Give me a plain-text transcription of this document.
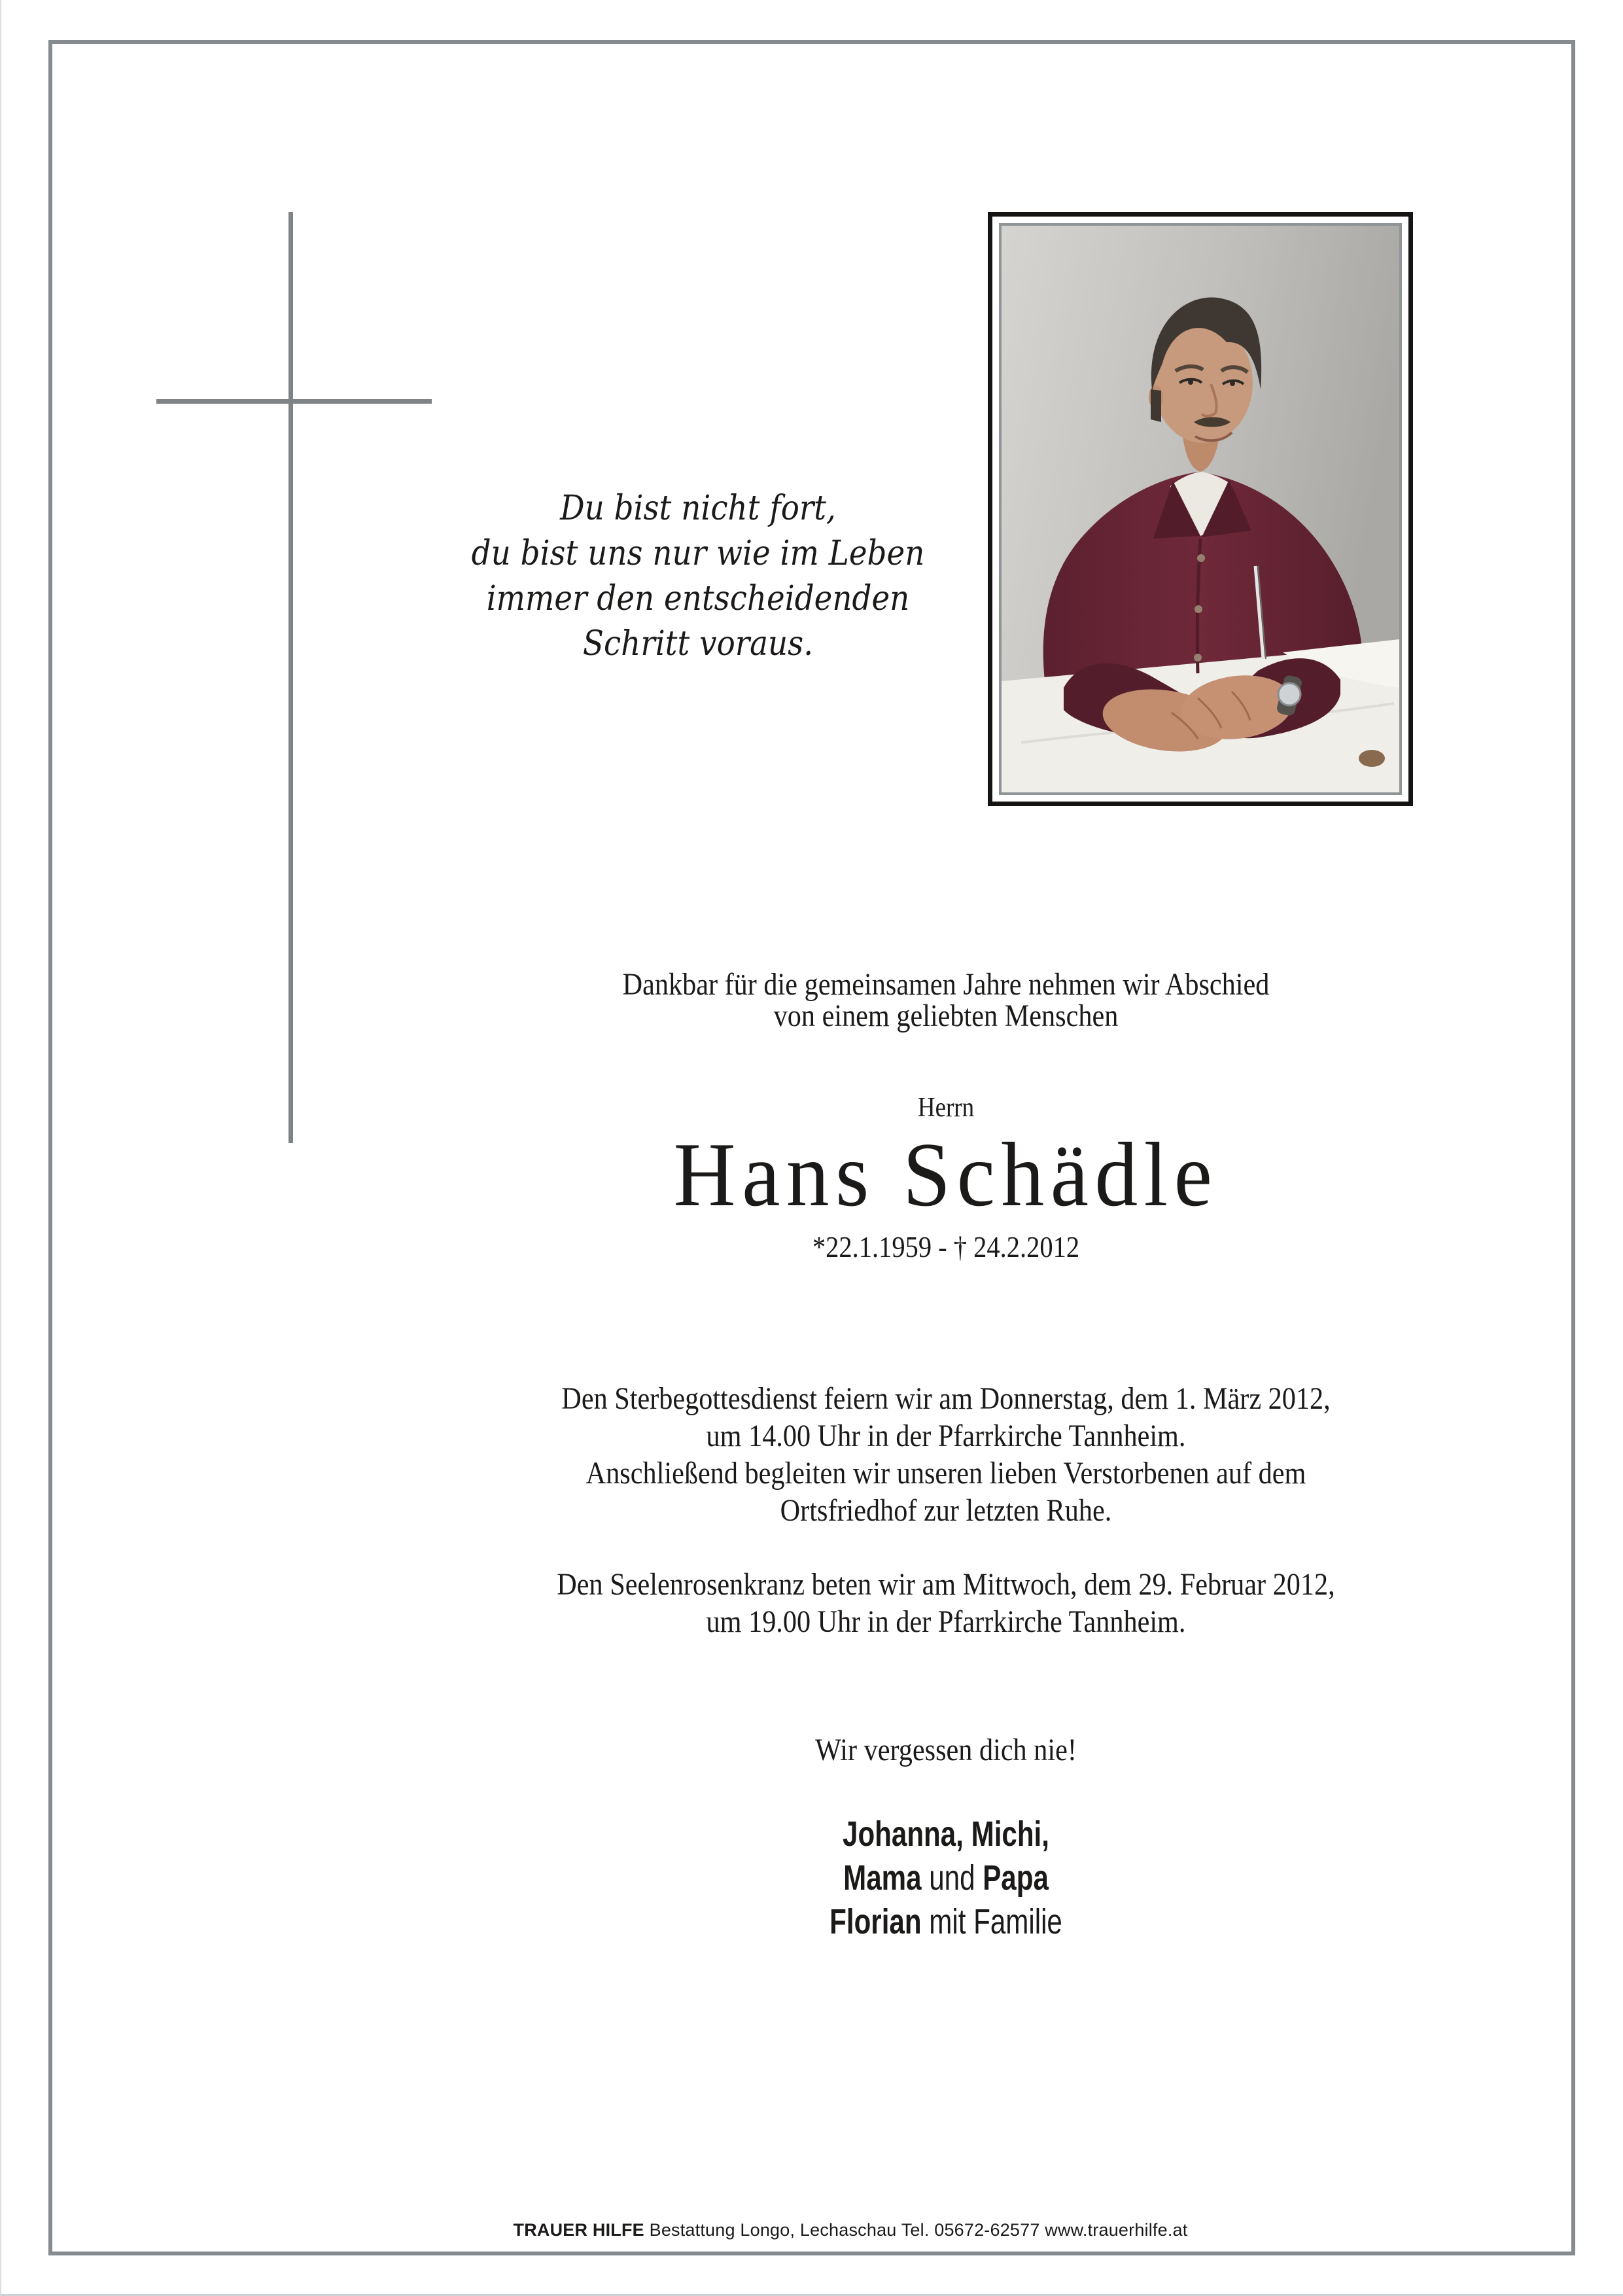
Du bist nicht fort,
du bist uns nur wie im Leben
immer den entscheidenden
Schritt voraus.
Dankbar für die gemeinsamen Jahre nehmen wir Abschied
von einem geliebten Menschen
Herrn
Hans Schädle
*22.1.1959 - † 24.2.2012
Den Sterbegottesdienst feiern wir am Donnerstag, dem 1. März 2012,
um 14.00 Uhr in der Pfarrkirche Tannheim.
Anschließend begleiten wir unseren lieben Verstorbenen auf dem
Ortsfriedhof zur letzten Ruhe.
Den Seelenrosenkranz beten wir am Mittwoch, dem 29. Februar 2012,
um 19.00 Uhr in der Pfarrkirche Tannheim.
Wir vergessen dich nie!
Johanna, Michi,
Mama und Papa
Florian mit Familie
TRAUER HILFE Bestattung Longo, Lechaschau Tel. 05672-62577 www.trauerhilfe.at
